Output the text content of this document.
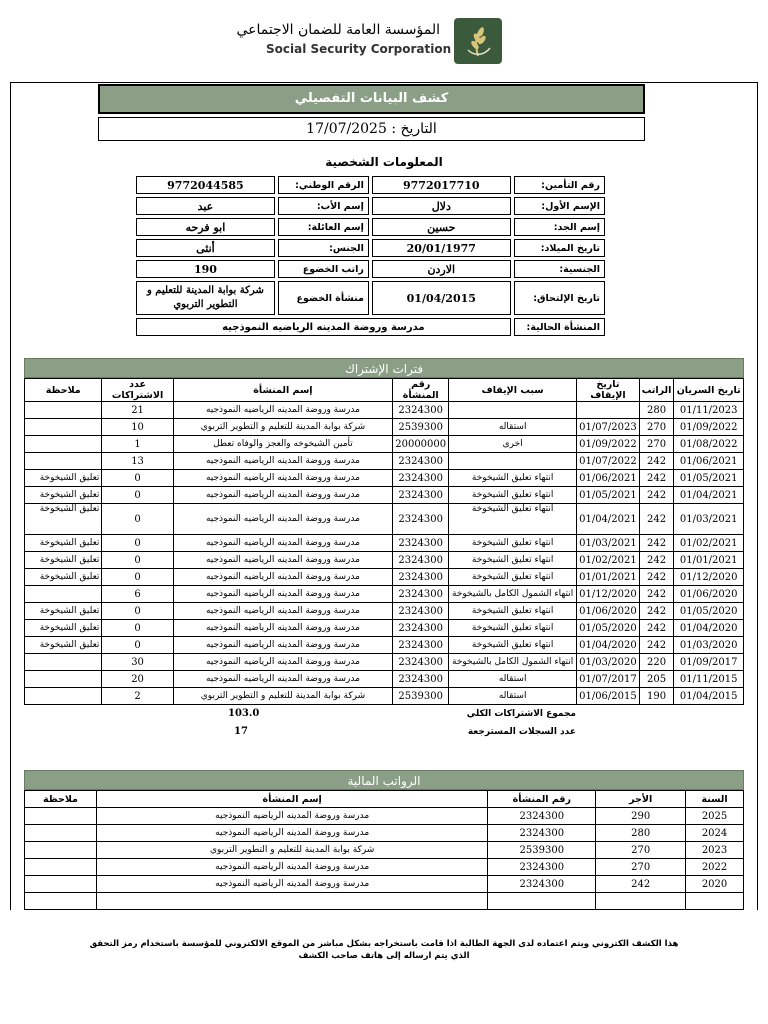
المؤسسة العامة للضمان الاجتماعي
Social Security Corporation
كشف البيانات التفصيلي
التاريخ : 17/07/2025
المعلومات الشخصية
رقم التأمين:	9772017710	الرقم الوطني:	9772044585
الإسم الأول:	دلال	إسم الأب:	عبد
إسم الجد:	حسين	إسم العائلة:	ابو فرحه
تاريخ الميلاد:	20/01/1977	الجنس:	أنثى
الجنسية:	الاردن	راتب الخضوع	190
تاريخ الإلتحاق:	01/04/2015	منشأة الخضوع	شركة بوابة المدينة للتعليم و التطوير التربوي
المنشأة الحالية:	مدرسة وروضة المدينه الرياضيه النموذجيه		
فترات الإشتراك
تاريخ السريان	الراتب	تاريخ الإيقاف	سبب الإيقاف	رقم المنشأة	إسم المنشأة	عدد الاشتراكات	ملاحظة
01/11/2023	280			2324300	مدرسة وروضة المدينه الرياضيه النموذجيه	21	
01/09/2022	270	01/07/2023	استقاله	2539300	شركة بوابة المدينة للتعليم و التطوير التربوي	10	
01/08/2022	270	01/09/2022	اخرى	20000000	تأمين الشيخوخه والعجز والوفاه تعطل	1	
01/06/2021	242	01/07/2022		2324300	مدرسة وروضة المدينه الرياضيه النموذجيه	13	
01/05/2021	242	01/06/2021	انتهاء تعليق الشيخوخة	2324300	مدرسة وروضة المدينه الرياضيه النموذجيه	0	تعليق الشيخوخة
01/04/2021	242	01/05/2021	انتهاء تعليق الشيخوخة	2324300	مدرسة وروضة المدينه الرياضيه النموذجيه	0	تعليق الشيخوخة
01/03/2021	242	01/04/2021	انتهاء تعليق الشيخوخة	2324300	مدرسة وروضة المدينه الرياضيه النموذجيه	0	تعليق الشيخوخة
01/02/2021	242	01/03/2021	انتهاء تعليق الشيخوخة	2324300	مدرسة وروضة المدينه الرياضيه النموذجيه	0	تعليق الشيخوخة
01/01/2021	242	01/02/2021	انتهاء تعليق الشيخوخة	2324300	مدرسة وروضة المدينه الرياضيه النموذجيه	0	تعليق الشيخوخة
01/12/2020	242	01/01/2021	انتهاء تعليق الشيخوخة	2324300	مدرسة وروضة المدينه الرياضيه النموذجيه	0	تعليق الشيخوخة
01/06/2020	242	01/12/2020	انتهاء الشمول الكامل بالشيخوخة	2324300	مدرسة وروضة المدينه الرياضيه النموذجيه	6	
01/05/2020	242	01/06/2020	انتهاء تعليق الشيخوخة	2324300	مدرسة وروضة المدينه الرياضيه النموذجيه	0	تعليق الشيخوخة
01/04/2020	242	01/05/2020	انتهاء تعليق الشيخوخة	2324300	مدرسة وروضة المدينه الرياضيه النموذجيه	0	تعليق الشيخوخة
01/03/2020	242	01/04/2020	انتهاء تعليق الشيخوخة	2324300	مدرسة وروضة المدينه الرياضيه النموذجيه	0	تعليق الشيخوخة
01/09/2017	220	01/03/2020	انتهاء الشمول الكامل بالشيخوخة	2324300	مدرسة وروضة المدينه الرياضيه النموذجيه	30	
01/11/2015	205	01/07/2017	استقاله	2324300	مدرسة وروضة المدينه الرياضيه النموذجيه	20	
01/04/2015	190	01/06/2015	استقاله	2539300	شركة بوابة المدينة للتعليم و التطوير التربوي	2	
مجموع الاشتراكات الكلي
103.0
عدد السجلات المسترجعة
17
الرواتب المالية
السنة	الأجر	رقم المنشأة	إسم المنشأة	ملاحظة
2025	290	2324300	مدرسة وروضة المدينه الرياضيه النموذجيه	
2024	280	2324300	مدرسة وروضة المدينه الرياضيه النموذجيه	
2023	270	2539300	شركة بوابة المدينة للتعليم و التطوير التربوي	
2022	270	2324300	مدرسة وروضة المدينه الرياضيه النموذجيه	
2020	242	2324300	مدرسة وروضة المدينه الرياضيه النموذجيه	

هذا الكشف الكتروني ويتم اعتماده لدى الجهة الطالبة اذا قامت باستخراجه بشكل مباشر من الموقع الالكتروني للمؤسسة باستخدام رمز التحقق الذي يتم ارساله إلى هاتف صاحب الكشف
